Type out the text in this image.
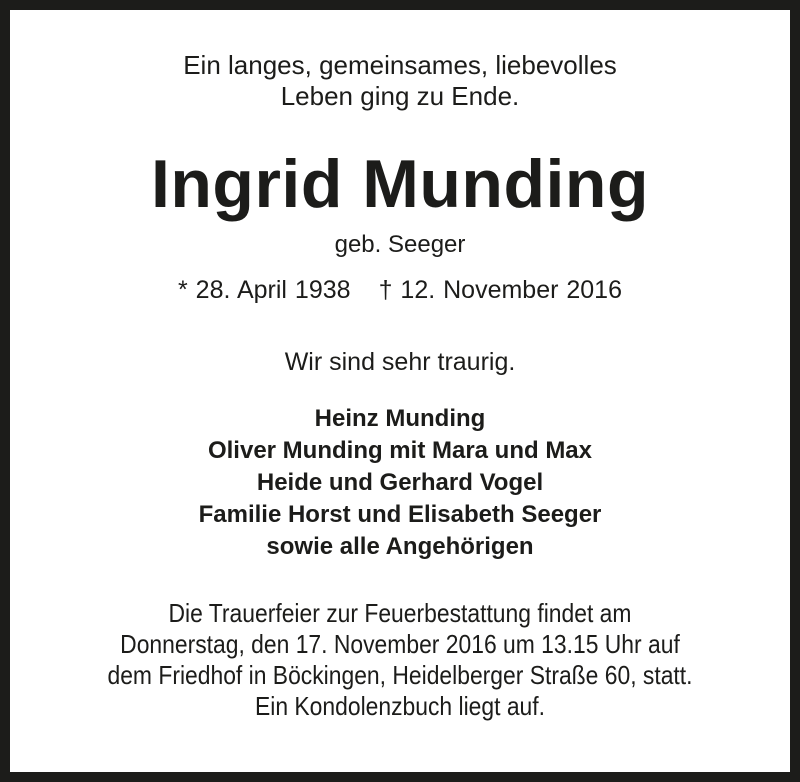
Ein langes, gemeinsames, liebevolles
Leben ging zu Ende.
Ingrid Munding
geb. Seeger
* 28. April 1938 † 12. November 2016
Wir sind sehr traurig.
Heinz Munding
Oliver Munding mit Mara und Max
Heide und Gerhard Vogel
Familie Horst und Elisabeth Seeger
sowie alle Angehörigen
Die Trauerfeier zur Feuerbestattung findet am
Donnerstag, den 17. November 2016 um 13.15 Uhr auf
dem Friedhof in Böckingen, Heidelberger Straße 60, statt.
Ein Kondolenzbuch liegt auf.
